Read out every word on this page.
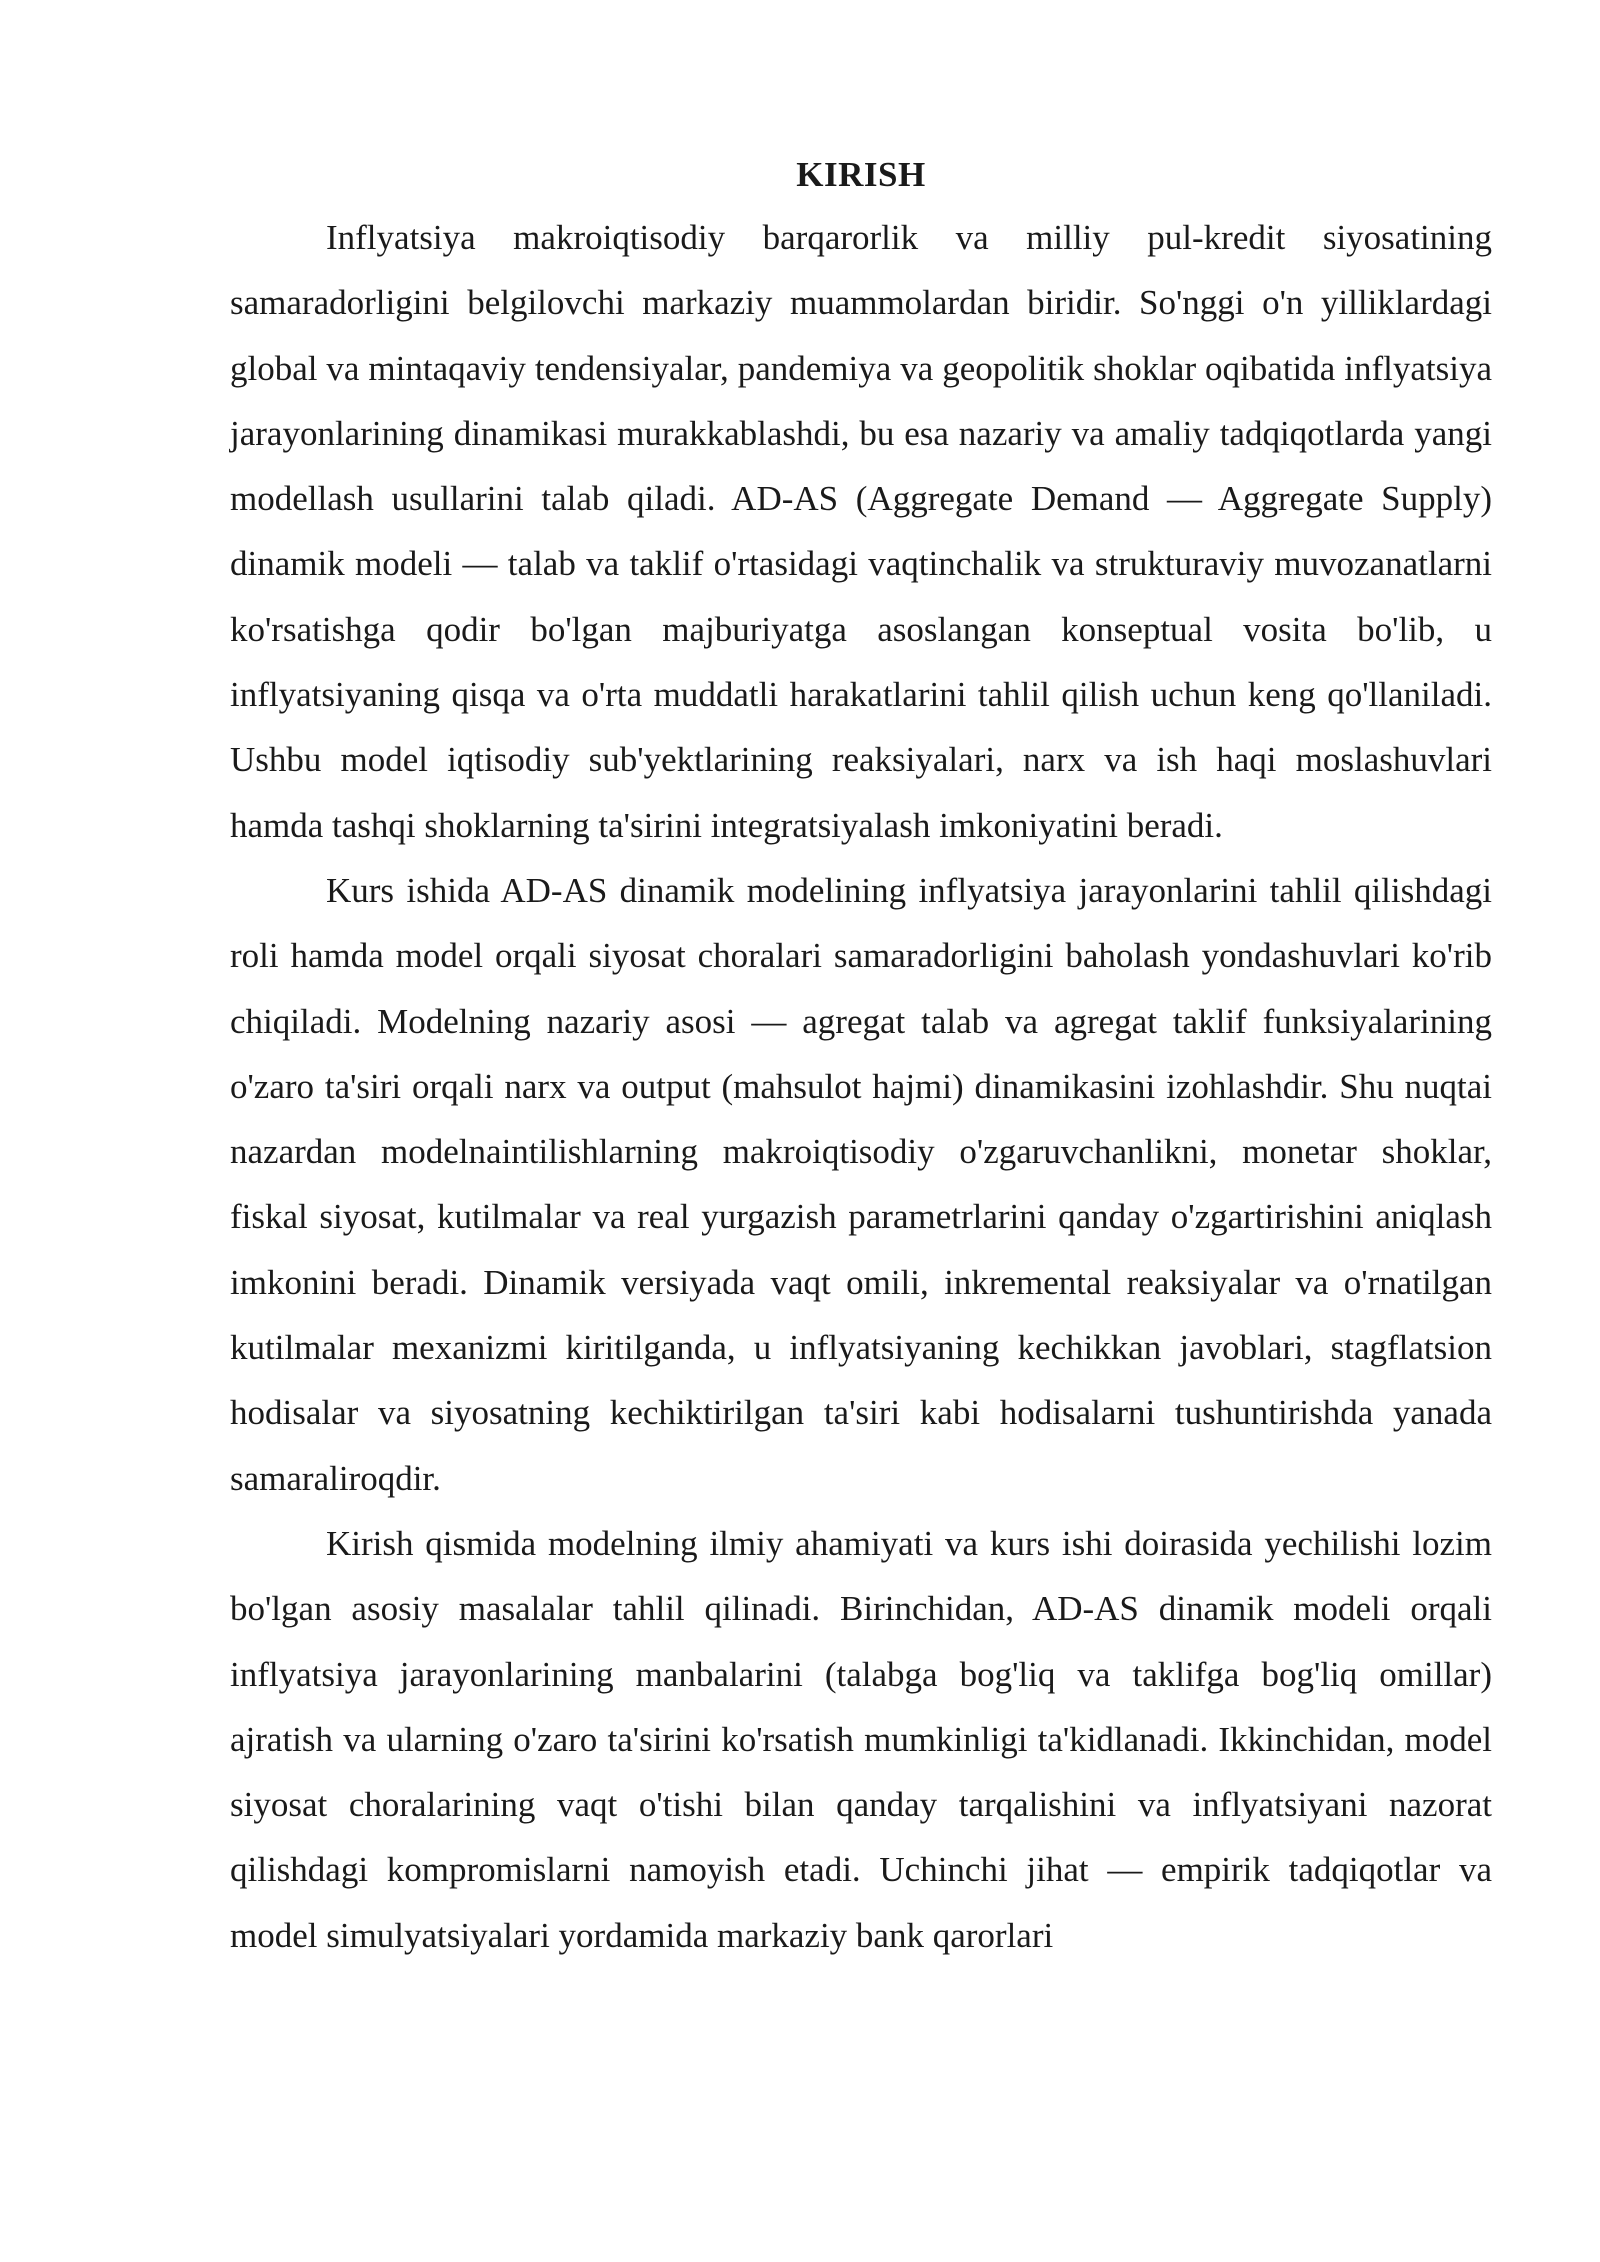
KIRISH

Inflyatsiya makroiqtisodiy barqarorlik va milliy pul-kredit siyosatining samaradorligini belgilovchi markaziy muammolardan biridir. So'nggi o'n yilliklardagi global va mintaqaviy tendensiyalar, pandemiya va geopolitik shoklar oqibatida inflyatsiya jarayonlarining dinamikasi murakkablashdi, bu esa nazariy va amaliy tadqiqotlarda yangi modellash usullarini talab qiladi. AD-AS (Aggregate Demand — Aggregate Supply) dinamik modeli — talab va taklif o'rtasidagi vaqtinchalik va strukturaviy muvozanatlarni ko'rsatishga qodir bo'lgan majburiyatga asoslangan konseptual vosita bo'lib, u inflyatsiyaning qisqa va o'rta muddatli harakatlarini tahlil qilish uchun keng qo'llaniladi. Ushbu model iqtisodiy sub'yektlarining reaksiyalari, narx va ish haqi moslashuvlari hamda tashqi shoklarning ta'sirini integratsiyalash imkoniyatini beradi.

Kurs ishida AD-AS dinamik modelining inflyatsiya jarayonlarini tahlil qilishdagi roli hamda model orqali siyosat choralari samaradorligini baholash yondashuvlari ko'rib chiqiladi. Modelning nazariy asosi — agregat talab va agregat taklif funksiyalarining o'zaro ta'siri orqali narx va output (mahsulot hajmi) dinamikasini izohlashdir. Shu nuqtai nazardan modelnaintilishlarning makroiqtisodiy o'zgaruvchanlikni, monetar shoklar, fiskal siyosat, kutilmalar va real yurgazish parametrlarini qanday o'zgartirishini aniqlash imkonini beradi. Dinamik versiyada vaqt omili, inkremental reaksiyalar va o'rnatilgan kutilmalar mexanizmi kiritilganda, u inflyatsiyaning kechikkan javoblari, stagflatsion hodisalar va siyosatning kechiktirilgan ta'siri kabi hodisalarni tushuntirishda yanada samaraliroqdir.

Kirish qismida modelning ilmiy ahamiyati va kurs ishi doirasida yechilishi lozim bo'lgan asosiy masalalar tahlil qilinadi. Birinchidan, AD-AS dinamik modeli orqali inflyatsiya jarayonlarining manbalarini (talabga bog'liq va taklifga bog'liq omillar) ajratish va ularning o'zaro ta'sirini ko'rsatish mumkinligi ta'kidlanadi. Ikkinchidan, model siyosat choralarining vaqt o'tishi bilan qanday tarqalishini va inflyatsiyani nazorat qilishdagi kompromislarni namoyish etadi. Uchinchi jihat — empirik tadqiqotlar va model simulyatsiyalari yordamida markaziy bank qarorlari
